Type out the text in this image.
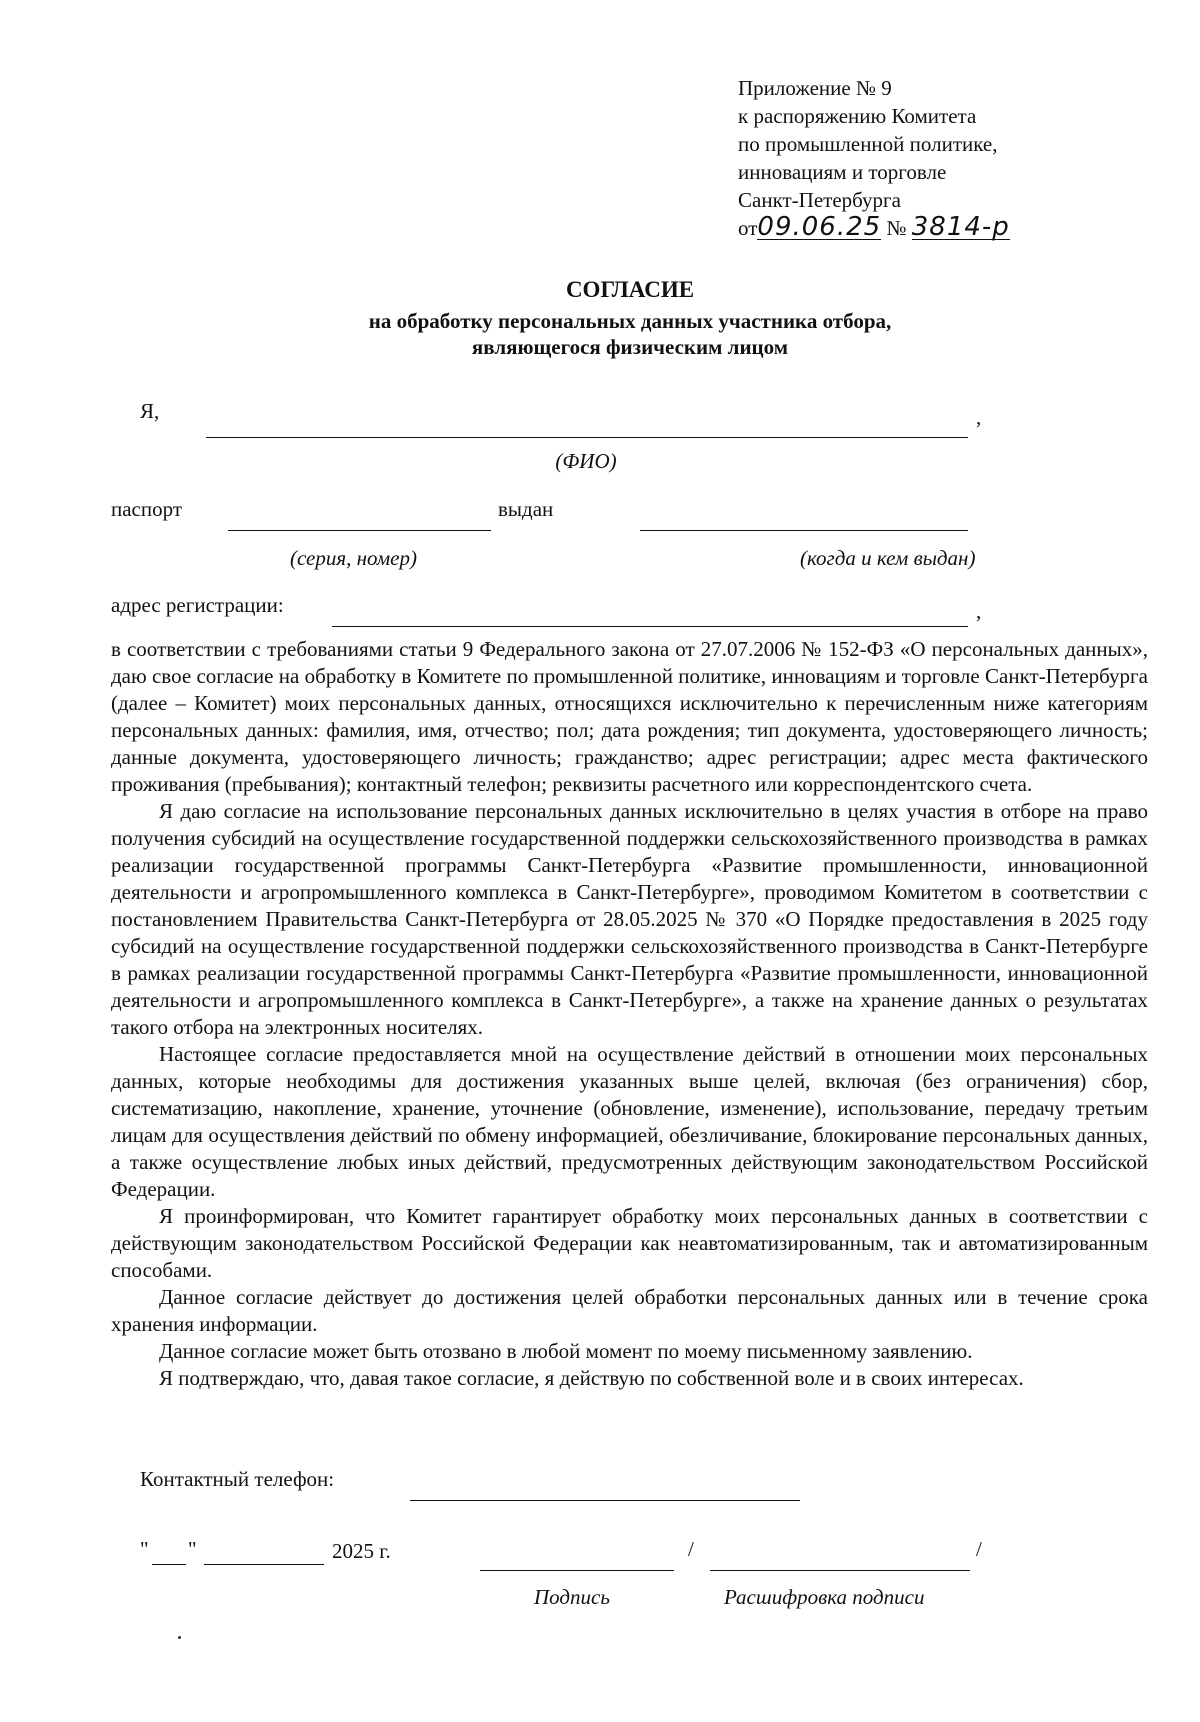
Приложение № 9
к распоряжению Комитета
по промышленной политике,
инновациям и торговле
Санкт-Петербурга
от09.06.25 № 3814-р
СОГЛАСИЕ
на обработку персональных данных участника отбора,
являющегося физическим лицом
Я,	,
(ФИО)
паспорт	выдан
(серия, номер)	(когда и кем выдан)
адрес регистрации:	,

в соответствии с требованиями статьи 9 Федерального закона от 27.07.2006 № 152-ФЗ «О персональных данных», даю свое согласие на обработку в Комитете по промышленной политике, инновациям и торговле Санкт-Петербурга (далее – Комитет) моих персональных данных, относящихся исключительно к перечисленным ниже категориям персональных данных: фамилия, имя, отчество; пол; дата рождения; тип документа, удостоверяющего личность; данные документа, удостоверяющего личность; гражданство; адрес регистрации; адрес места фактического проживания (пребывания); контактный телефон; реквизиты расчетного или корреспондентского счета.

Я даю согласие на использование персональных данных исключительно в целях участия в отборе на право получения субсидий на осуществление государственной поддержки сельскохозяйственного производства в рамках реализации государственной программы Санкт-Петербурга «Развитие промышленности, инновационной деятельности и агропромышленного комплекса в Санкт-Петербурге», проводимом Комитетом в соответствии с постановлением Правительства Санкт-Петербурга от 28.05.2025 № 370 «О Порядке предоставления в 2025 году субсидий на осуществление государственной поддержки сельскохозяйственного производства в Санкт-Петербурге в рамках реализации государственной программы Санкт-Петербурга «Развитие промышленности, инновационной деятельности и агропромышленного комплекса в Санкт-Петербурге», а также на хранение данных о результатах такого отбора на электронных носителях.

Настоящее согласие предоставляется мной на осуществление действий в отношении моих персональных данных, которые необходимы для достижения указанных выше целей, включая (без ограничения) сбор, систематизацию, накопление, хранение, уточнение (обновление, изменение), использование, передачу третьим лицам для осуществления действий по обмену информацией, обезличивание, блокирование персональных данных, а также осуществление любых иных действий, предусмотренных действующим законодательством Российской Федерации.

Я проинформирован, что Комитет гарантирует обработку моих персональных данных в соответствии с действующим законодательством Российской Федерации как неавтоматизированным, так и автоматизированным способами.

Данное согласие действует до достижения целей обработки персональных данных или в течение срока хранения информации.

Данное согласие может быть отозвано в любой момент по моему письменному заявлению.

Я подтверждаю, что, давая такое согласие, я действую по собственной воле и в своих интересах.

Контактный телефон:
" "	2025 г.	/	/
Подпись	Расшифровка подписи
